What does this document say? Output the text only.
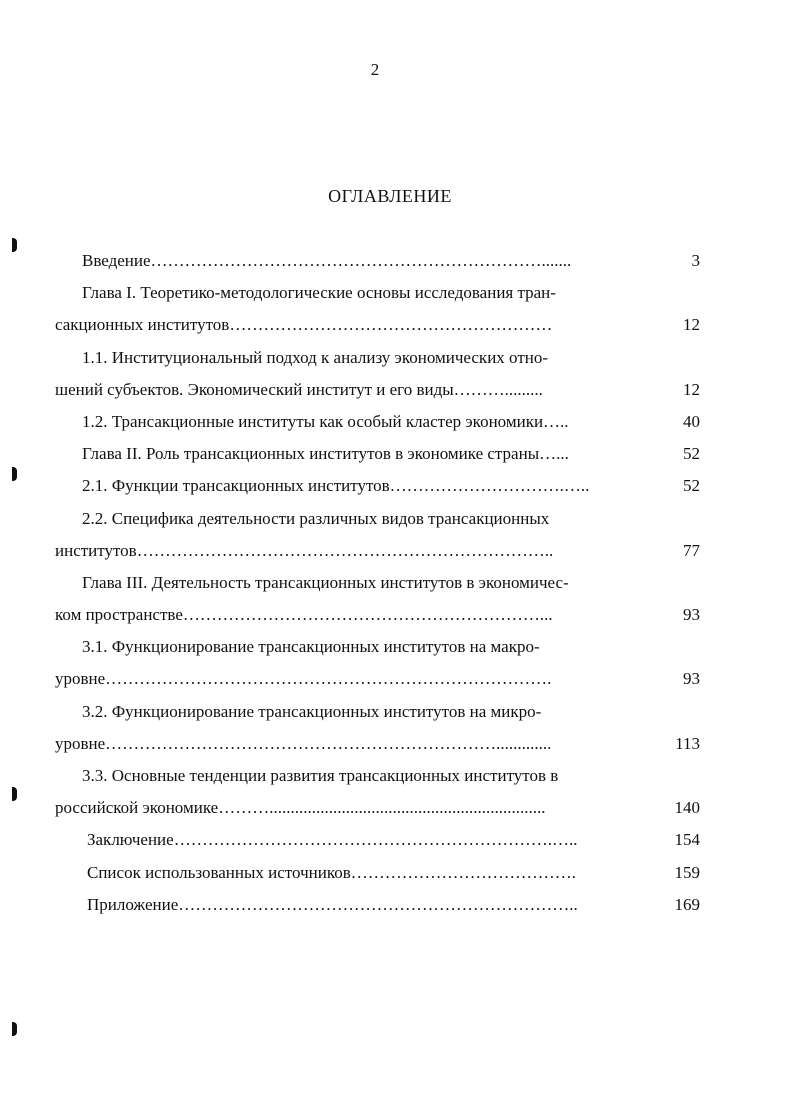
2
ОГЛАВЛЕНИЕ
Введение…………………………………………………………….......	3
Глава I. Теоретико-методологические основы исследования тран-
сакционных институтов…………………………………………………	12
1.1. Институциональный подход к анализу экономических отно-
шений субъектов. Экономический институт и его виды……….........	12
1.2. Трансакционные институты как особый кластер экономики…..	40
Глава II. Роль трансакционных институтов в экономике страны…...	52
2.1. Функции трансакционных институтов………………………….…..	52
2.2. Специфика деятельности различных видов трансакционных
институтов………………………………………………………………..	77
Глава III. Деятельность трансакционных институтов в экономичес-
ком пространстве………………………………………………………...	93
3.1. Функционирование трансакционных институтов на макро-
уровне…………………………………………………………………….	93
3.2. Функционирование трансакционных институтов на микро-
уровне…………………………………………………………….............	113
3.3. Основные тенденции развития трансакционных институтов в
российской экономике……….................................................................	140
Заключение………………………………………………………….…..	154
Список использованных источников………………………………….	159
Приложение……………………………………………………………..	169
